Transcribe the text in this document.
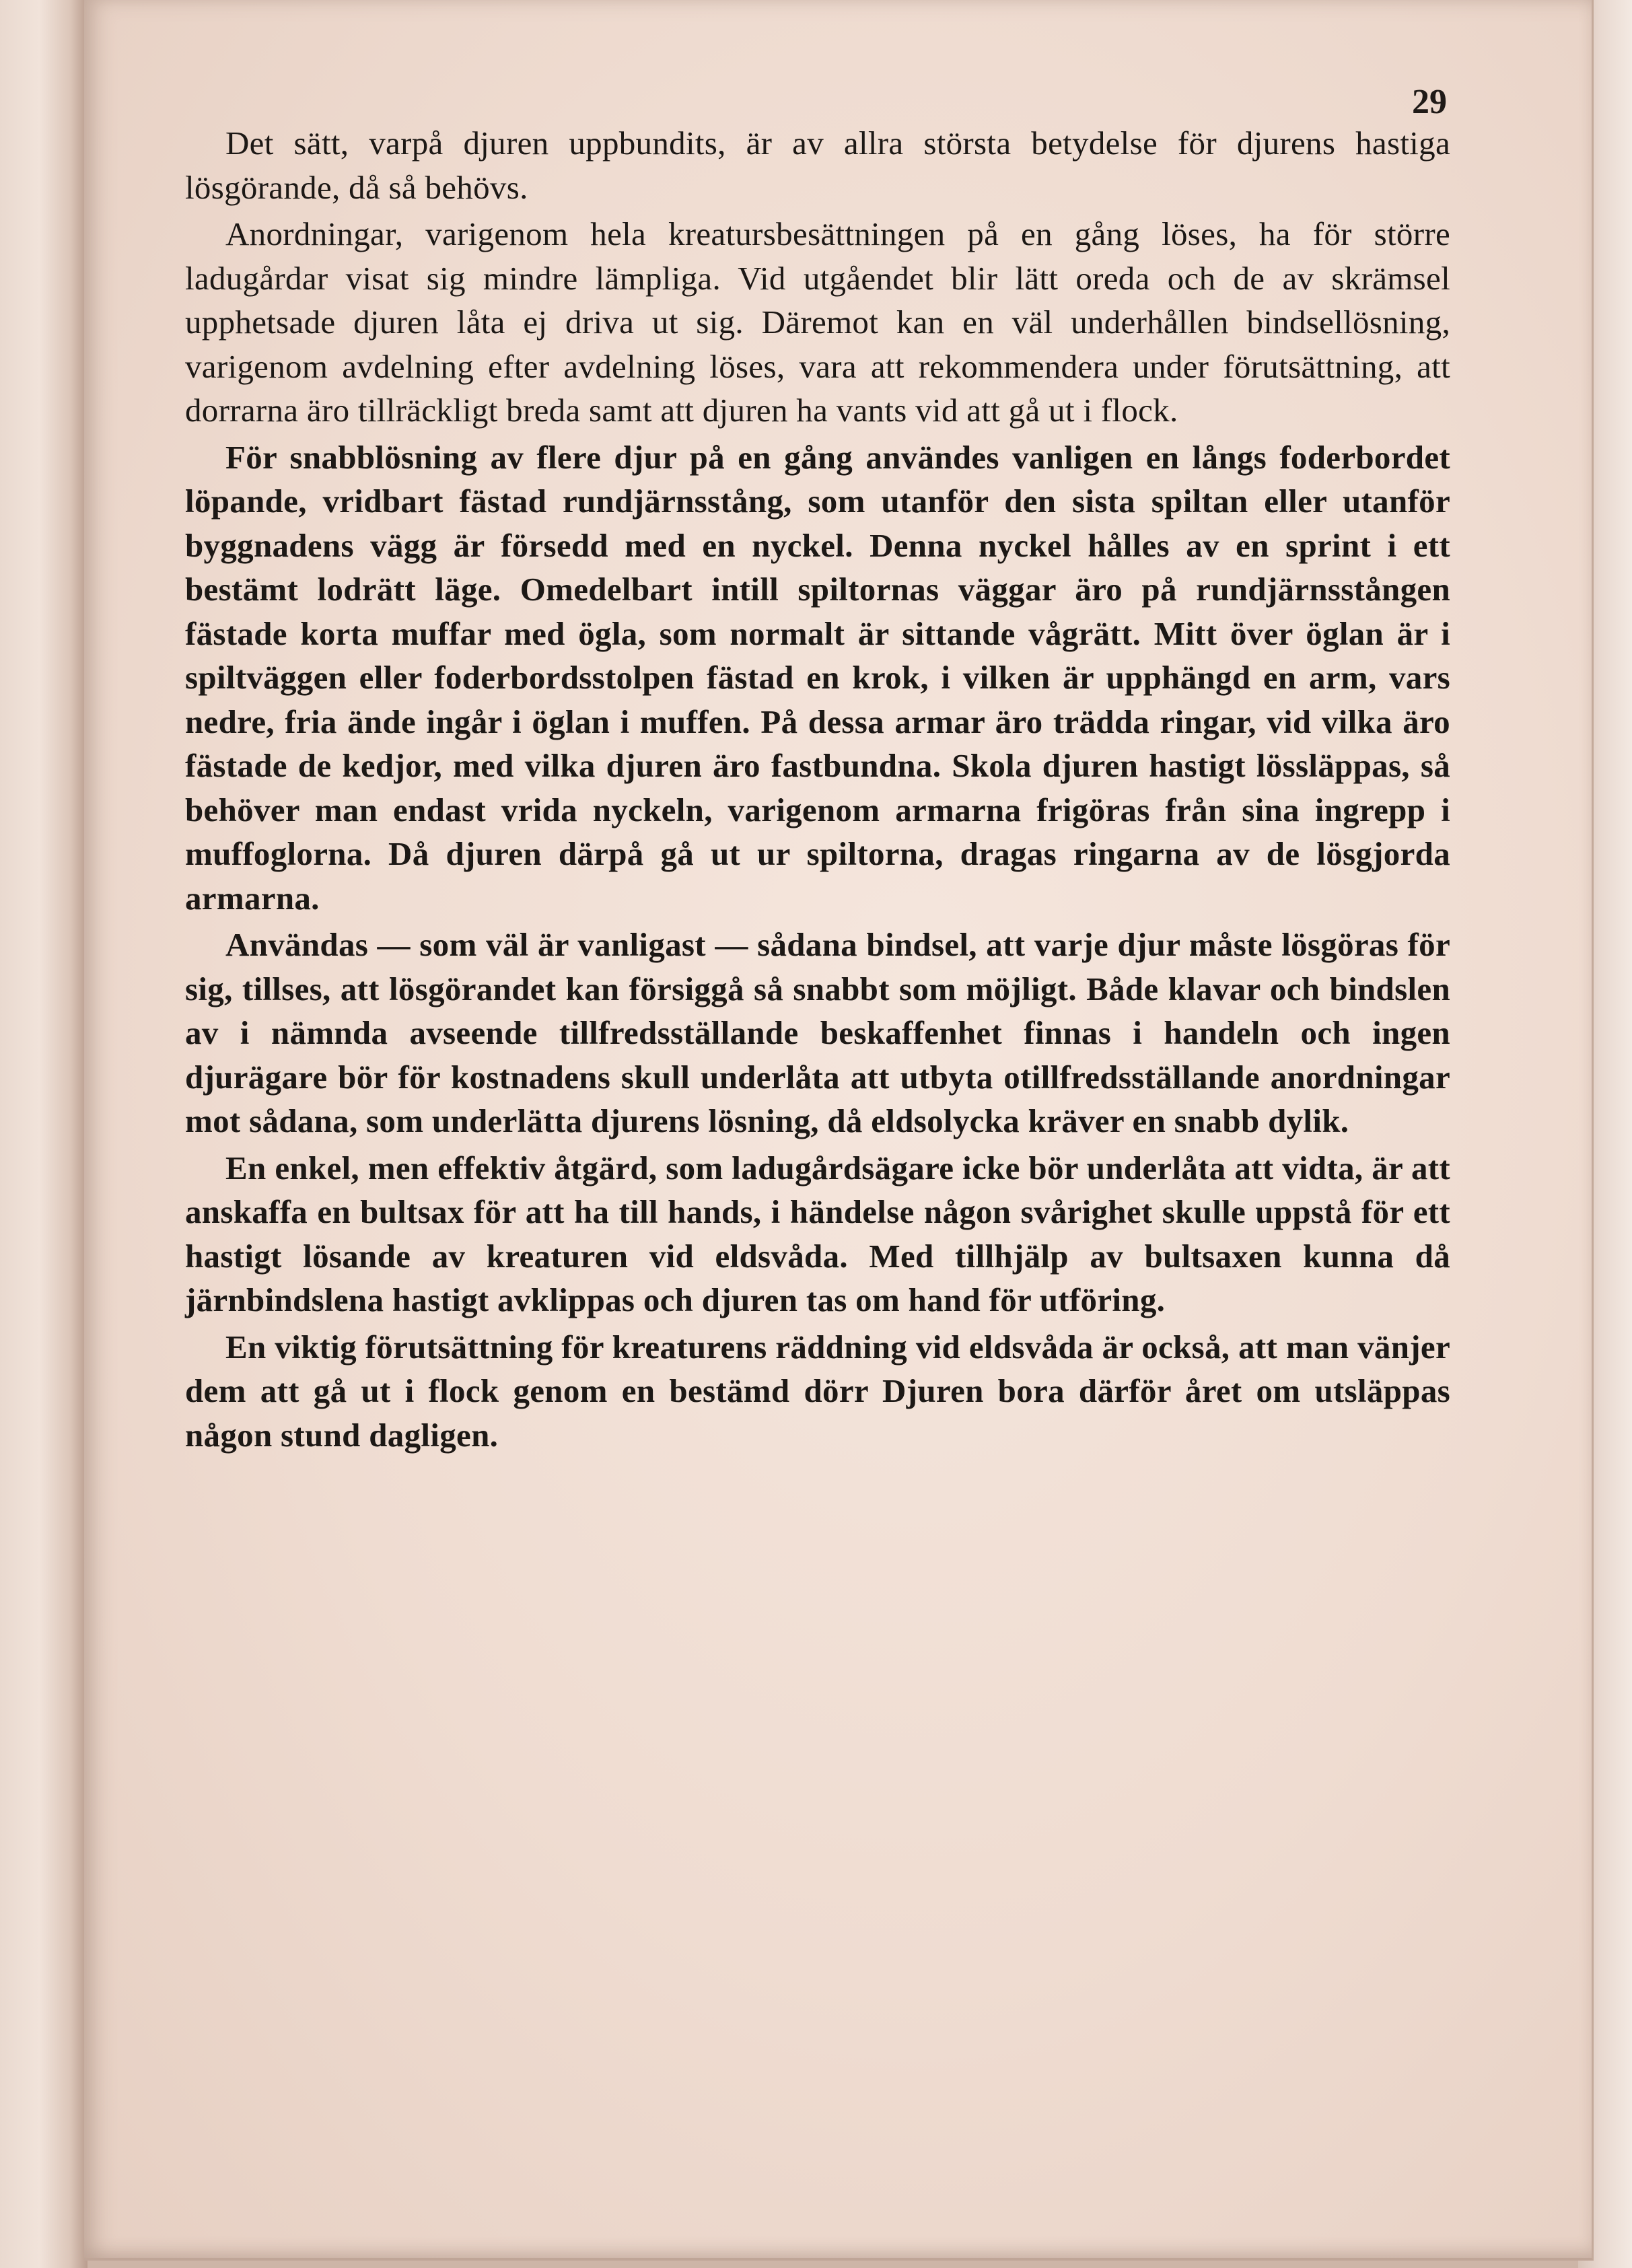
29

Det sätt, varpå djuren uppbundits, är av allra största betydelse för djurens hastiga lösgörande, då så behövs.

Anordningar, varigenom hela kreatursbesättningen på en gång löses, ha för större ladugårdar visat sig mindre lämpliga. Vid utgåendet blir lätt oreda och de av skrämsel upphetsade djuren låta ej driva ut sig. Däremot kan en väl underhållen bindsellösning, varigenom avdelning efter avdelning löses, vara att rekommendera under förutsättning, att dorrarna äro tillräckligt breda samt att djuren ha vants vid att gå ut i flock.

För snabblösning av flere djur på en gång användes vanligen en långs foderbordet löpande, vridbart fästad rundjärnsstång, som utanför den sista spiltan eller utanför byggnadens vägg är försedd med en nyckel. Denna nyckel hålles av en sprint i ett bestämt lodrätt läge. Omedelbart intill spiltornas väggar äro på rundjärnsstången fästade korta muffar med ögla, som normalt är sittande vågrätt. Mitt över öglan är i spiltväggen eller foderbordsstolpen fästad en krok, i vilken är upphängd en arm, vars nedre, fria ände ingår i öglan i muffen. På dessa armar äro trädda ringar, vid vilka äro fästade de kedjor, med vilka djuren äro fastbundna. Skola djuren hastigt lössläppas, så behöver man endast vrida nyckeln, varigenom armarna frigöras från sina ingrepp i muffoglorna. Då djuren därpå gå ut ur spiltorna, dragas ringarna av de lösgjorda armarna.

Användas — som väl är vanligast — sådana bindsel, att varje djur måste lösgöras för sig, tillses, att lösgörandet kan försiggå så snabbt som möjligt. Både klavar och bindslen av i nämnda avseende tillfredsställande beskaffenhet finnas i handeln och ingen djurägare bör för kostnadens skull underlåta att utbyta otillfredsställande anordningar mot sådana, som underlätta djurens lösning, då eldsolycka kräver en snabb dylik.

En enkel, men effektiv åtgärd, som ladugårdsägare icke bör underlåta att vidta, är att anskaffa en bultsax för att ha till hands, i händelse någon svårighet skulle uppstå för ett hastigt lösande av kreaturen vid eldsvåda. Med tillhjälp av bultsaxen kunna då järnbindslena hastigt avklippas och djuren tas om hand för utföring.

En viktig förutsättning för kreaturens räddning vid eldsvåda är också, att man vänjer dem att gå ut i flock genom en bestämd dörr Djuren bora därför året om utsläppas någon stund dagligen.
